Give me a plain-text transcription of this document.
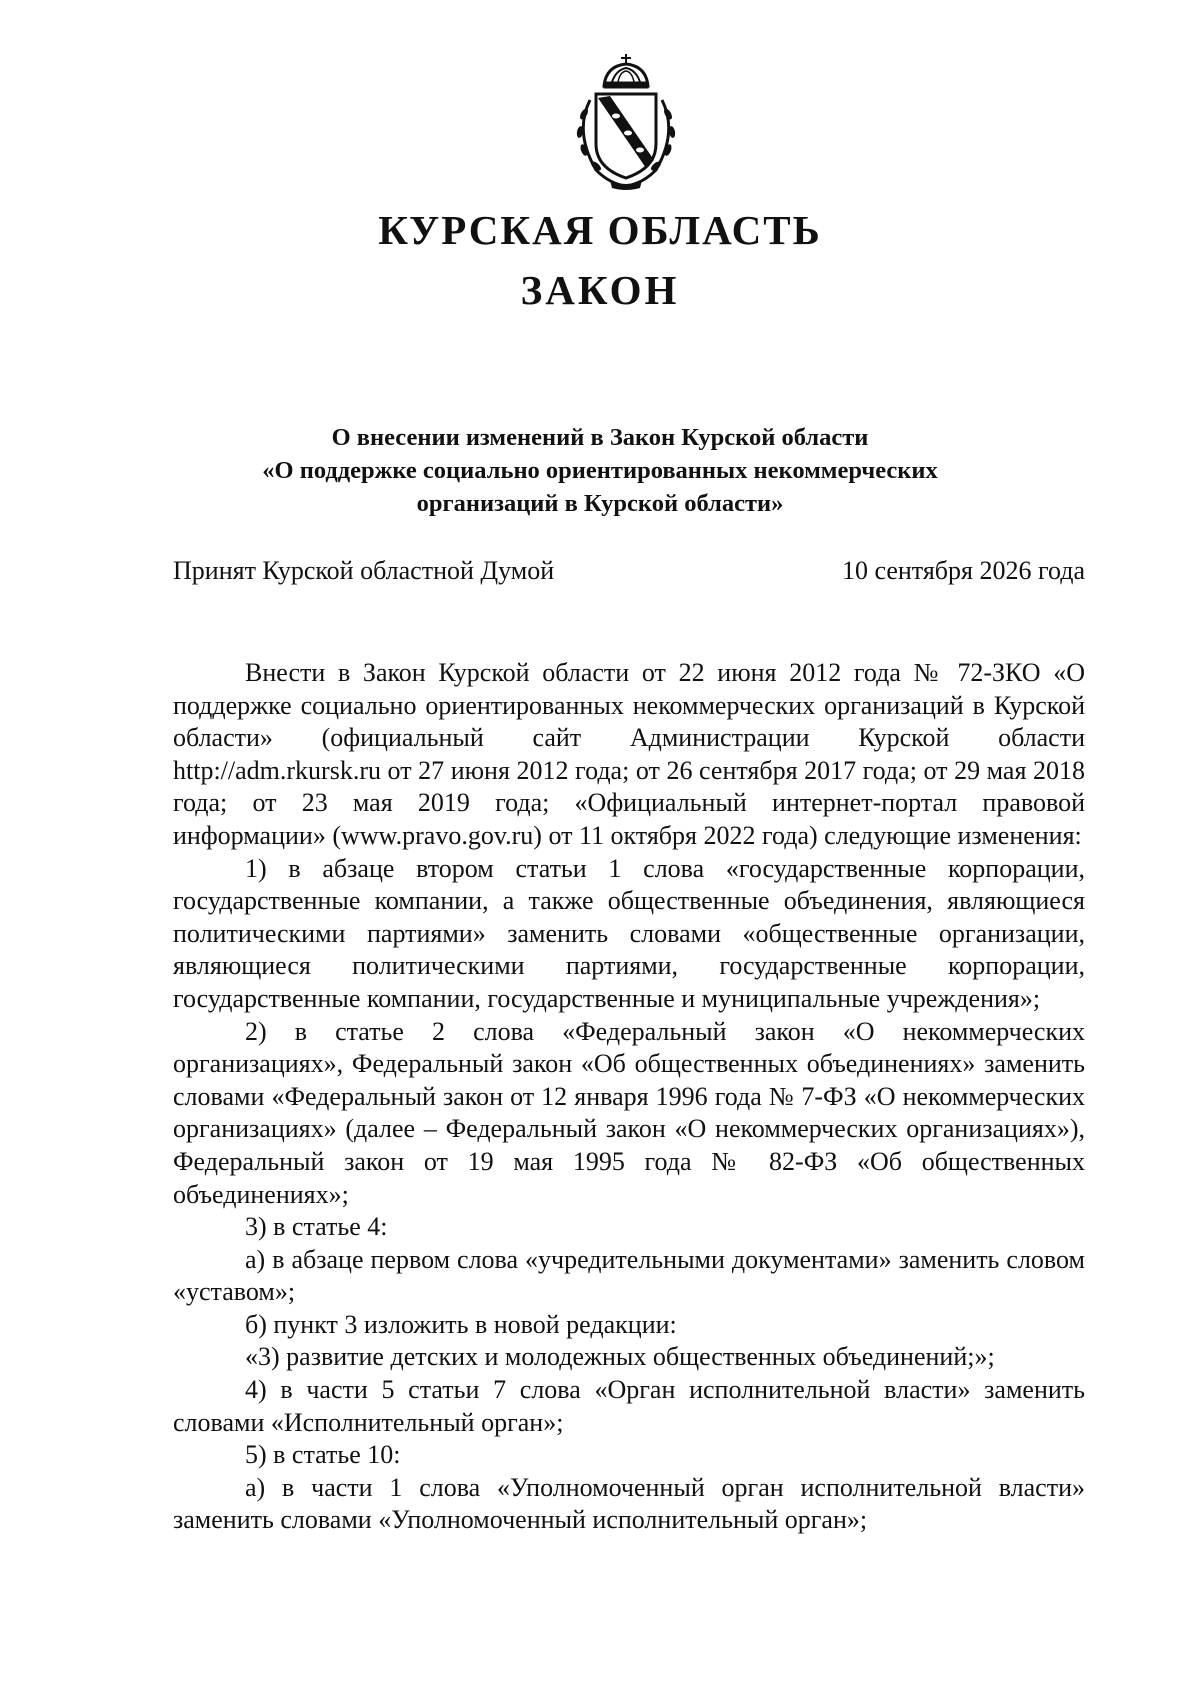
КУРСКАЯ ОБЛАСТЬ
ЗАКОН
О внесении изменений в Закон Курской области
«О поддержке социально ориентированных некоммерческих
организаций в Курской области»
Принят Курской областной Думой	10 сентября 2026 года

Внести в Закон Курской области от 22 июня 2012 года № 72-ЗКО «О поддержке социально ориентированных некоммерческих организаций в Курской области» (официальный сайт Администрации Курской области http://adm.rkursk.ru от 27 июня 2012 года; от 26 сентября 2017 года; от 29 мая 2018 года; от 23 мая 2019 года; «Официальный интернет-портал правовой информации» (www.pravo.gov.ru) от 11 октября 2022 года) следующие изменения:

1) в абзаце втором статьи 1 слова «государственные корпорации, государственные компании, а также общественные объединения, являющиеся политическими партиями» заменить словами «общественные организации, являющиеся политическими партиями, государственные корпорации, государственные компании, государственные и муниципальные учреждения»;

2) в статье 2 слова «Федеральный закон «О некоммерческих организациях», Федеральный закон «Об общественных объединениях» заменить словами «Федеральный закон от 12 января 1996 года № 7-ФЗ «О некоммерческих организациях» (далее – Федеральный закон «О некоммерческих организациях»), Федеральный закон от 19 мая 1995 года № 82-ФЗ «Об общественных объединениях»;

3) в статье 4:

а) в абзаце первом слова «учредительными документами» заменить словом «уставом»;

б) пункт 3 изложить в новой редакции:

«3) развитие детских и молодежных общественных объединений;»;

4) в части 5 статьи 7 слова «Орган исполнительной власти» заменить словами «Исполнительный орган»;

5) в статье 10:

а) в части 1 слова «Уполномоченный орган исполнительной власти» заменить словами «Уполномоченный исполнительный орган»;
